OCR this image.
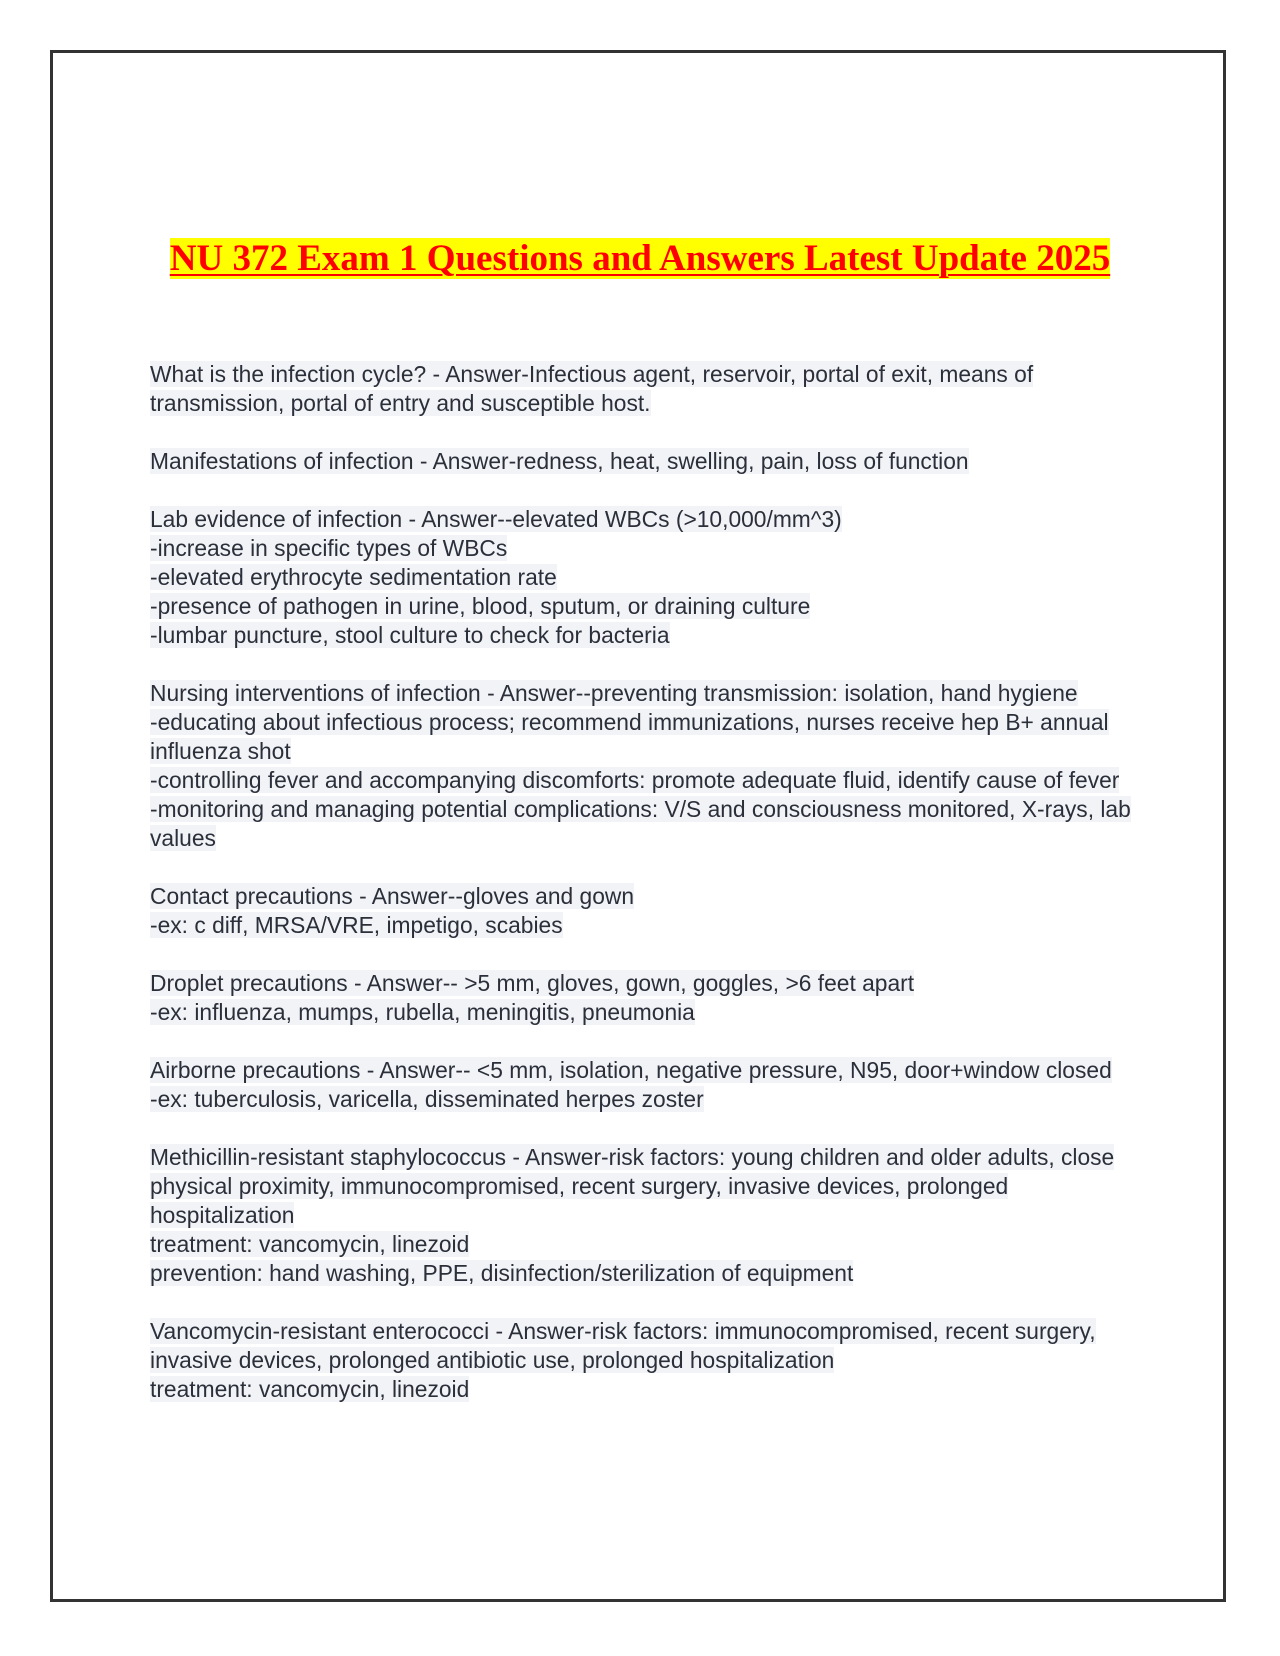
NU 372 Exam 1 Questions and Answers Latest Update 2025
What is the infection cycle? - Answer-Infectious agent, reservoir, portal of exit, means of transmission, portal of entry and susceptible host.
Manifestations of infection - Answer-redness, heat, swelling, pain, loss of function
Lab evidence of infection - Answer--elevated WBCs (>10,000/mm^3)
-increase in specific types of WBCs
-elevated erythrocyte sedimentation rate
-presence of pathogen in urine, blood, sputum, or draining culture
-lumbar puncture, stool culture to check for bacteria
Nursing interventions of infection - Answer--preventing transmission: isolation, hand hygiene
-educating about infectious process; recommend immunizations, nurses receive hep B+ annual influenza shot
-controlling fever and accompanying discomforts: promote adequate fluid, identify cause of fever
-monitoring and managing potential complications: V/S and consciousness monitored, X-rays, lab values
Contact precautions - Answer--gloves and gown
-ex: c diff, MRSA/VRE, impetigo, scabies
Droplet precautions - Answer-- >5 mm, gloves, gown, goggles, >6 feet apart
-ex: influenza, mumps, rubella, meningitis, pneumonia
Airborne precautions - Answer-- <5 mm, isolation, negative pressure, N95, door+window closed
-ex: tuberculosis, varicella, disseminated herpes zoster
Methicillin-resistant staphylococcus - Answer-risk factors: young children and older adults, close physical proximity, immunocompromised, recent surgery, invasive devices, prolonged hospitalization
treatment: vancomycin, linezoid
prevention: hand washing, PPE, disinfection/sterilization of equipment
Vancomycin-resistant enterococci - Answer-risk factors: immunocompromised, recent surgery, invasive devices, prolonged antibiotic use, prolonged hospitalization
treatment: vancomycin, linezoid
